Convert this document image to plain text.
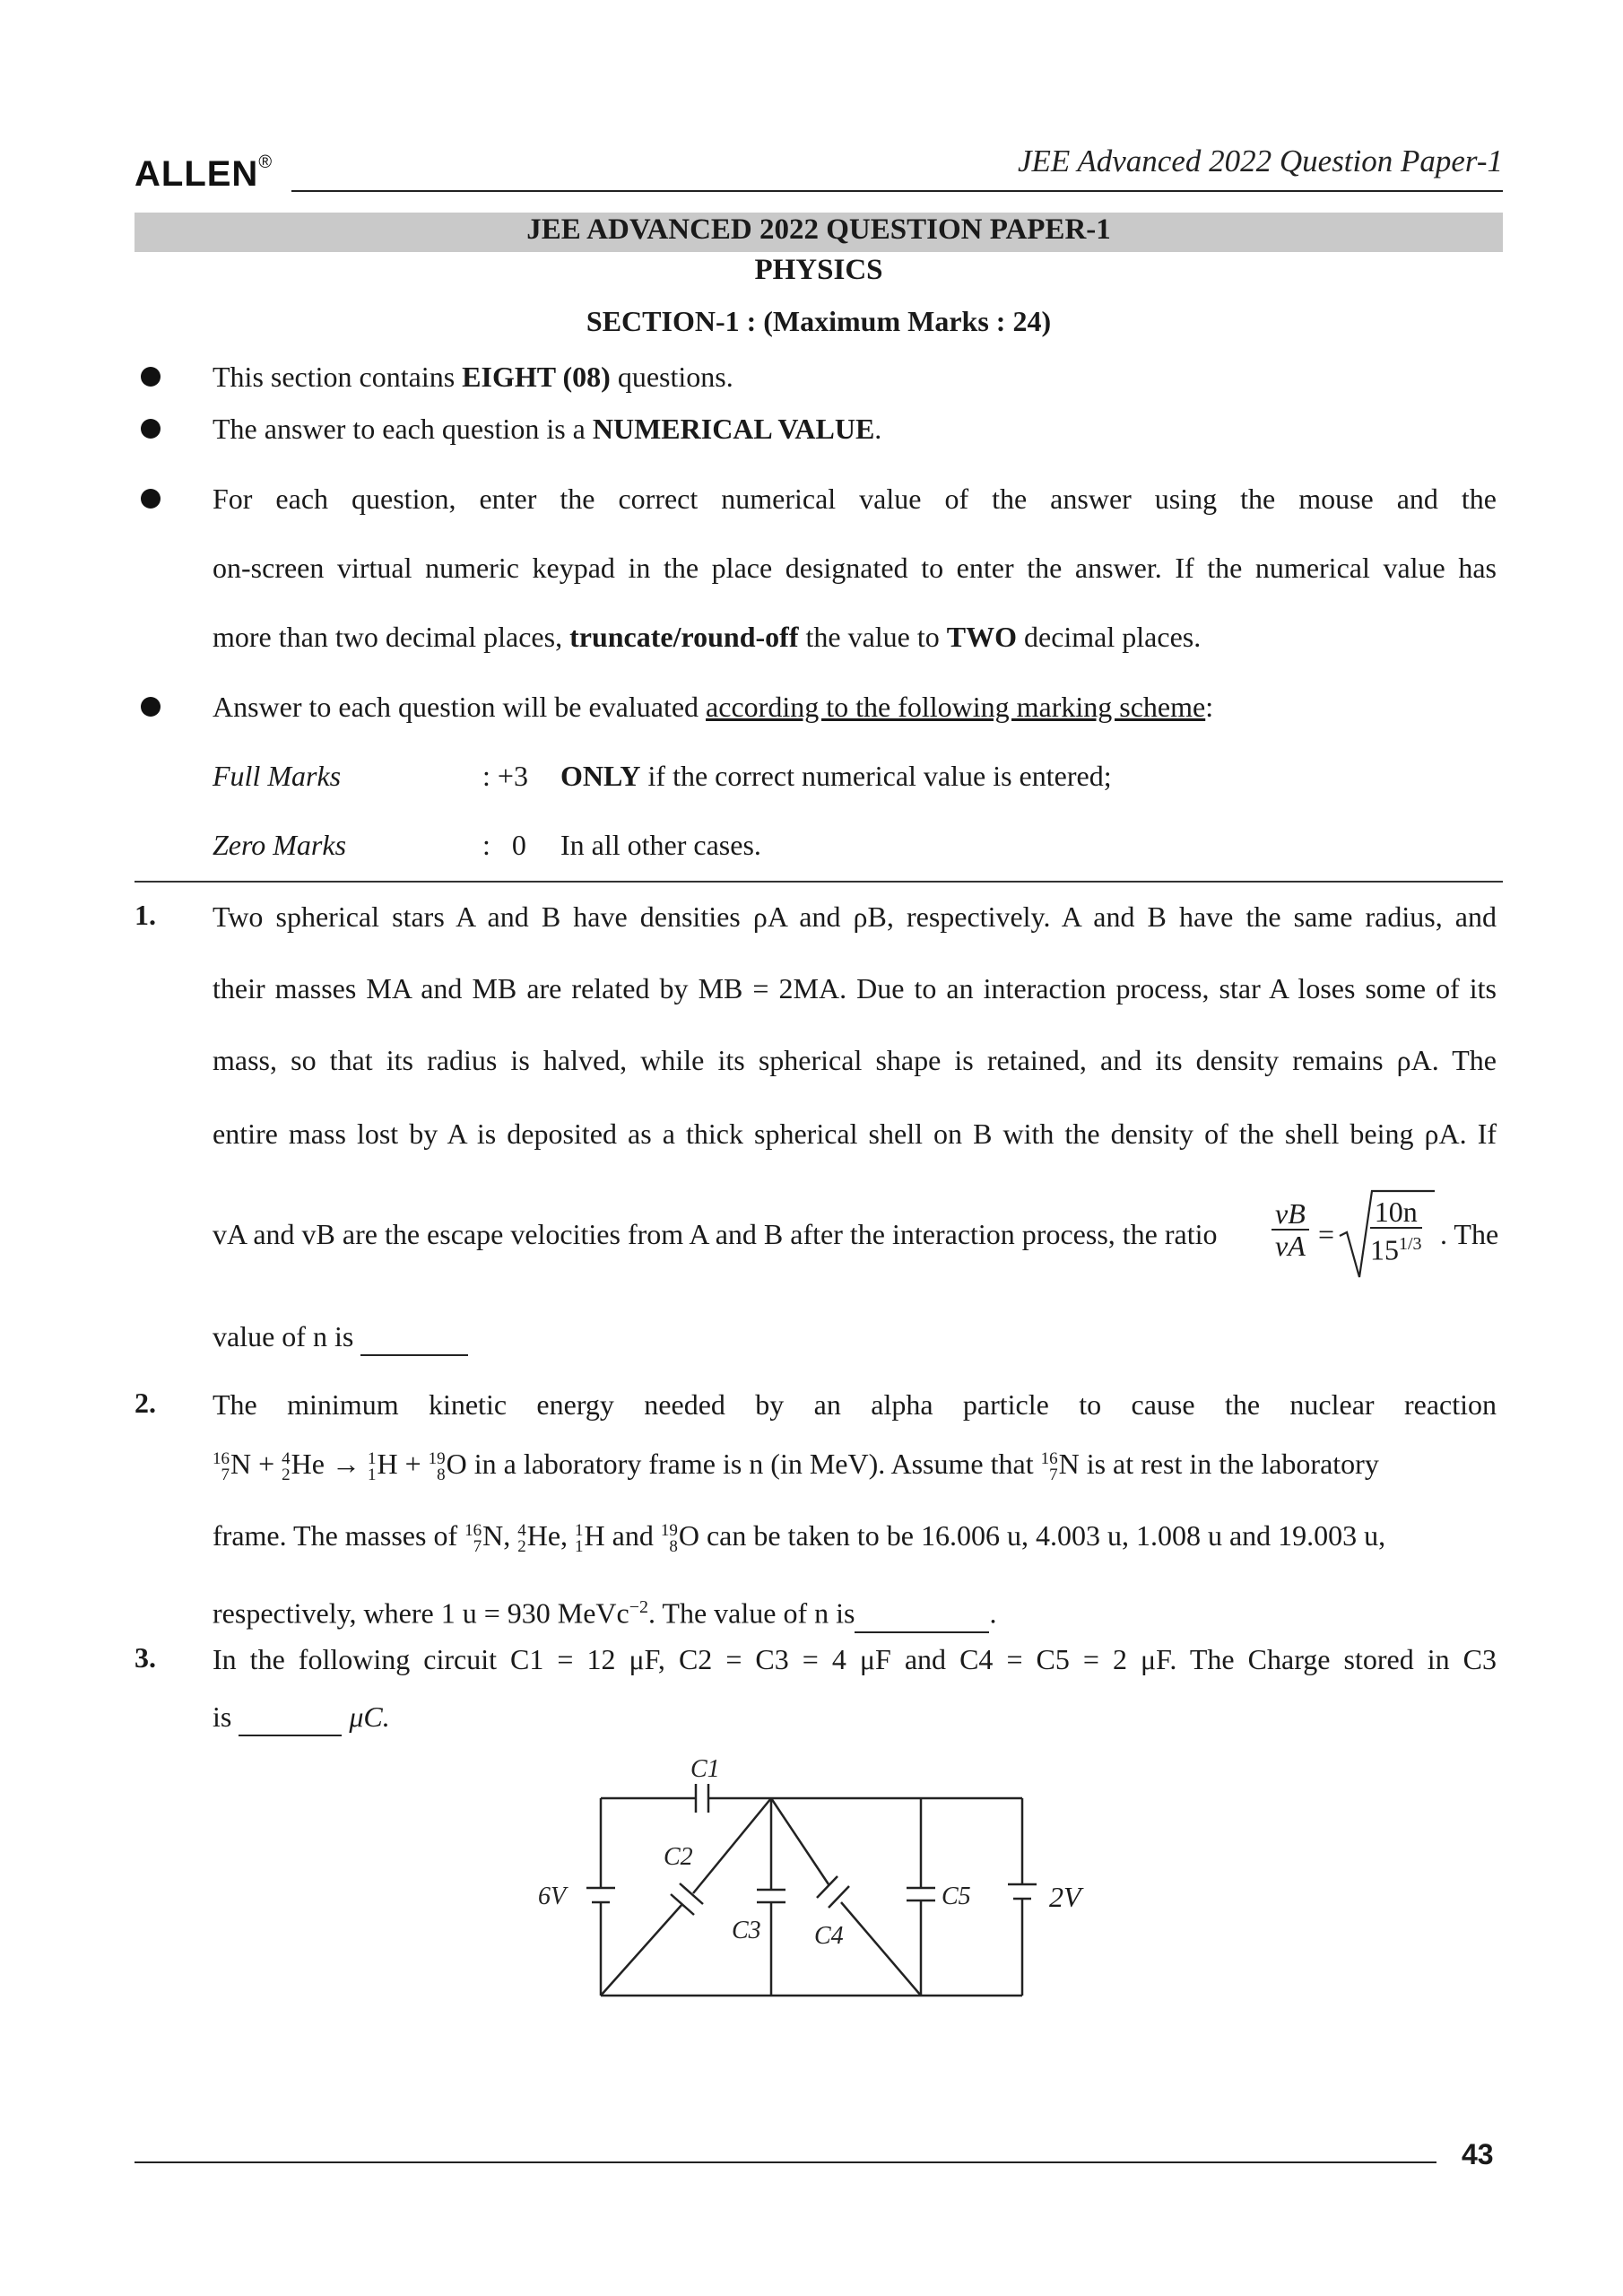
ALLEN®	JEE Advanced 2022 Question Paper-1
JEE ADVANCED 2022 QUESTION PAPER-1
PHYSICS
SECTION-1 : (Maximum Marks : 24)
This section contains EIGHT (08) questions.
The answer to each question is a NUMERICAL VALUE.
For each question, enter the correct numerical value of the answer using the mouse and the
on-screen virtual numeric keypad in the place designated to enter the answer. If the numerical value has
more than two decimal places, truncate/round-off the value to TWO decimal places.
Answer to each question will be evaluated according to the following marking scheme:
Full Marks	: +3 ONLY if the correct numerical value is entered;
Zero Marks	:   0 In all other cases.
1. Two spherical stars A and B have densities ρA and ρB, respectively. A and B have the same radius, and
their masses MA and MB are related by MB = 2MA. Due to an interaction process, star A loses some of its
mass, so that its radius is halved, while its spherical shape is retained, and its density remains ρA. The
entire mass lost by A is deposited as a thick spherical shell on B with the density of the shell being ρA. If
vA and vB are the escape velocities from A and B after the interaction process, the ratio $\frac{vB}{vA} = \frac{10n}{15^{1/3}}$ . The
value of n is
2. The minimum kinetic energy needed by an alpha particle to cause the nuclear reaction
16
7 N + 4
2 He → 1
1 H + 19
8 O in a laboratory frame is n (in MeV). Assume that 16
7 N is at rest in the laboratory
frame. The masses of 16
7 N, 4
2 He, 1
1 H and 19
8 O can be taken to be 16.006 u, 4.003 u, 1.008 u and 19.003 u,
respectively, where 1 u = 930 MeVc$^{-2}$. The value of n is	.
3. In the following circuit C1 = 12 μF, C2 = C3 = 4 μF and C4 = C5 = 2 μF. The Charge stored in C3
is	μC.
C1
C2
C3 C4
C5
6V	2V
43
